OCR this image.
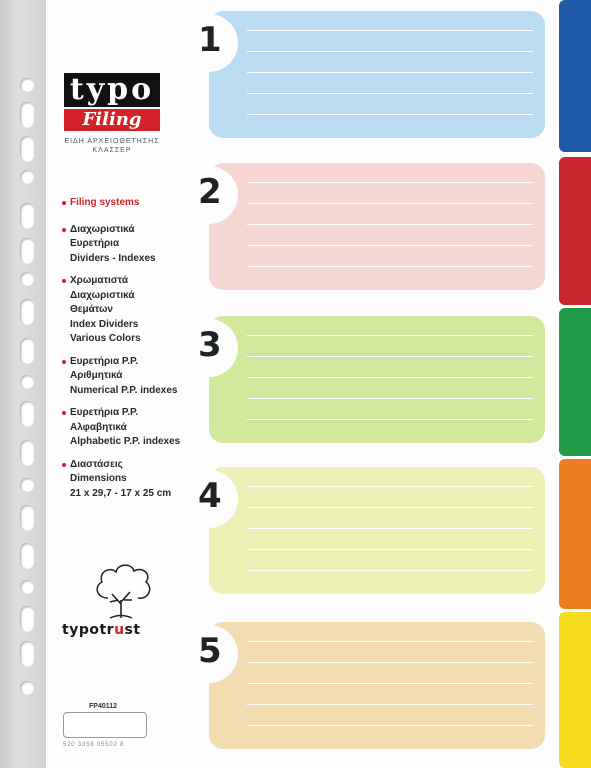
typo
Filing
ΕΙΔΗ ΑΡΧΕΙΟΘΕΤΗΣΗΣ
ΚΛΑΣΣΕΡ
Filing systems
Διαχωριστικά
Ευρετήρια
Dividers - Indexes
Χρωματιστά
Διαχωριστικά
Θεμάτων
Index Dividers
Various Colors
Ευρετήρια P.P.
Αριθμητικά
Numerical P.P. indexes
Ευρετήρια P.P.
Αλφαβητικά
Alphabetic P.P. indexes
Διαστάσεις
Dimensions
21 x 29,7 - 17 x 25 cm
typotrust
FP40112
520 3358 05502 8
1
2
3
4
5
